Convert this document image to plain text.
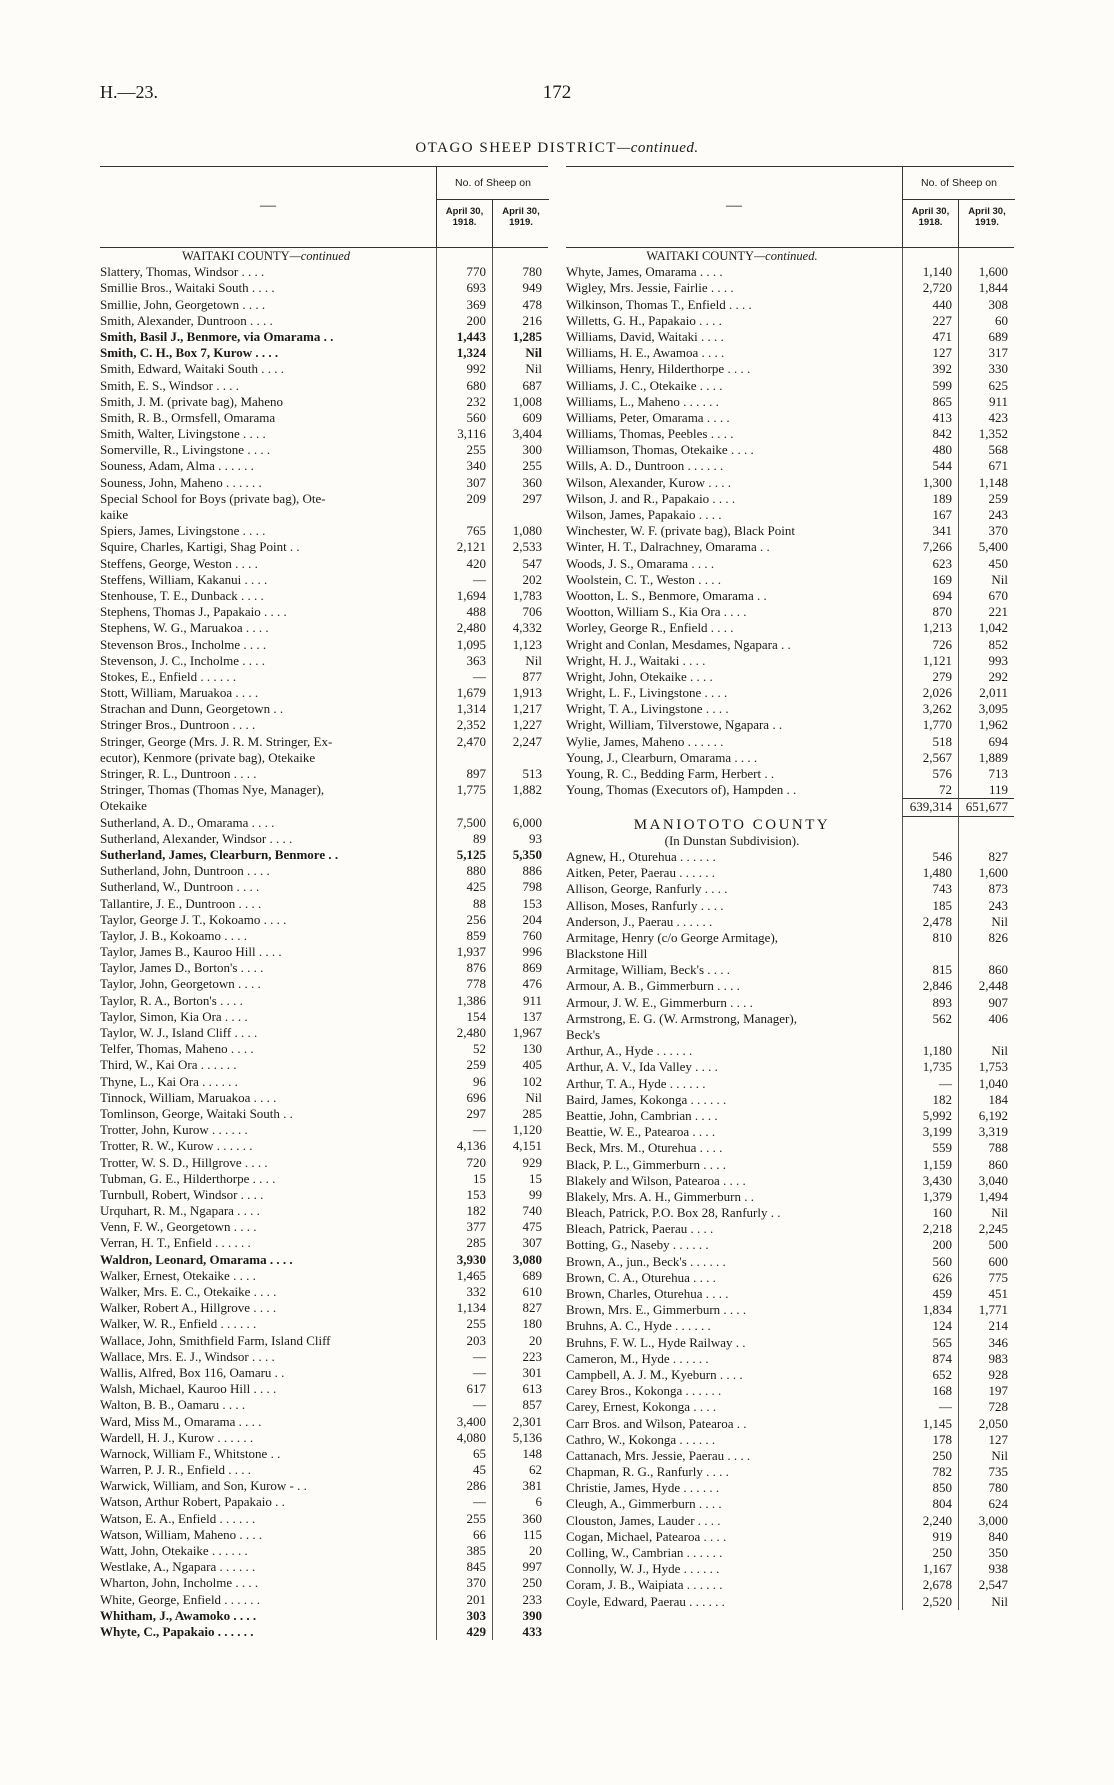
H.—23.	172
OTAGO SHEEP DISTRICT—continued.
—
No. of Sheep on
April 30, 1918.
April 30, 1919.
WAITAKI COUNTY—continued
Slattery, Thomas, Windsor . . . .	770	780
Smillie Bros., Waitaki South . . . .	693	949
Smillie, John, Georgetown . . . .	369	478
Smith, Alexander, Duntroon . . . .	200	216
Smith, Basil J., Benmore, via Omarama . .	1,443	1,285
Smith, C. H., Box 7, Kurow . . . .	1,324	Nil
Smith, Edward, Waitaki South . . . .	992	Nil
Smith, E. S., Windsor . . . .	680	687
Smith, J. M. (private bag), Maheno	232	1,008
Smith, R. B., Ormsfell, Omarama	560	609
Smith, Walter, Livingstone . . . .	3,116	3,404
Somerville, R., Livingstone . . . .	255	300
Souness, Adam, Alma . . . . . .	340	255
Souness, John, Maheno . . . . . .	307	360
Special School for Boys (private bag), Ote-	209	297
kaike
Spiers, James, Livingstone . . . .	765	1,080
Squire, Charles, Kartigi, Shag Point . .	2,121	2,533
Steffens, George, Weston . . . .	420	547
Steffens, William, Kakanui . . . .	—	202
Stenhouse, T. E., Dunback . . . .	1,694	1,783
Stephens, Thomas J., Papakaio . . . .	488	706
Stephens, W. G., Maruakoa . . . .	2,480	4,332
Stevenson Bros., Incholme . . . .	1,095	1,123
Stevenson, J. C., Incholme . . . .	363	Nil
Stokes, E., Enfield . . . . . .	—	877
Stott, William, Maruakoa . . . .	1,679	1,913
Strachan and Dunn, Georgetown . .	1,314	1,217
Stringer Bros., Duntroon . . . .	2,352	1,227
Stringer, George (Mrs. J. R. M. Stringer, Ex-	2,470	2,247
ecutor), Kenmore (private bag), Otekaike
Stringer, R. L., Duntroon . . . .	897	513
Stringer, Thomas (Thomas Nye, Manager),	1,775	1,882
Otekaike
Sutherland, A. D., Omarama . . . .	7,500	6,000
Sutherland, Alexander, Windsor . . . .	89	93
Sutherland, James, Clearburn, Benmore . .	5,125	5,350
Sutherland, John, Duntroon . . . .	880	886
Sutherland, W., Duntroon . . . .	425	798
Tallantire, J. E., Duntroon . . . .	88	153
Taylor, George J. T., Kokoamo . . . .	256	204
Taylor, J. B., Kokoamo . . . .	859	760
Taylor, James B., Kauroo Hill . . . .	1,937	996
Taylor, James D., Borton's . . . .	876	869
Taylor, John, Georgetown . . . .	778	476
Taylor, R. A., Borton's . . . .	1,386	911
Taylor, Simon, Kia Ora . . . .	154	137
Taylor, W. J., Island Cliff . . . .	2,480	1,967
Telfer, Thomas, Maheno . . . .	52	130
Third, W., Kai Ora . . . . . .	259	405
Thyne, L., Kai Ora . . . . . .	96	102
Tinnock, William, Maruakoa . . . .	696	Nil
Tomlinson, George, Waitaki South . .	297	285
Trotter, John, Kurow . . . . . .	—	1,120
Trotter, R. W., Kurow . . . . . .	4,136	4,151
Trotter, W. S. D., Hillgrove . . . .	720	929
Tubman, G. E., Hilderthorpe . . . .	15	15
Turnbull, Robert, Windsor . . . .	153	99
Urquhart, R. M., Ngapara . . . .	182	740
Venn, F. W., Georgetown . . . .	377	475
Verran, H. T., Enfield . . . . . .	285	307
Waldron, Leonard, Omarama . . . .	3,930	3,080
Walker, Ernest, Otekaike . . . .	1,465	689
Walker, Mrs. E. C., Otekaike . . . .	332	610
Walker, Robert A., Hillgrove . . . .	1,134	827
Walker, W. R., Enfield . . . . . .	255	180
Wallace, John, Smithfield Farm, Island Cliff	203	20
Wallace, Mrs. E. J., Windsor . . . .	—	223
Wallis, Alfred, Box 116, Oamaru . .	—	301
Walsh, Michael, Kauroo Hill . . . .	617	613
Walton, B. B., Oamaru . . . .	—	857
Ward, Miss M., Omarama . . . .	3,400	2,301
Wardell, H. J., Kurow . . . . . .	4,080	5,136
Warnock, William F., Whitstone . .	65	148
Warren, P. J. R., Enfield . . . .	45	62
Warwick, William, and Son, Kurow - . .	286	381
Watson, Arthur Robert, Papakaio . .	—	6
Watson, E. A., Enfield . . . . . .	255	360
Watson, William, Maheno . . . .	66	115
Watt, John, Otekaike . . . . . .	385	20
Westlake, A., Ngapara . . . . . .	845	997
Wharton, John, Incholme . . . .	370	250
White, George, Enfield . . . . . .	201	233
Whitham, J., Awamoko . . . .	303	390
Whyte, C., Papakaio . . . . . .	429	433
—
No. of Sheep on
April 30, 1918.
April 30, 1919.
WAITAKI COUNTY—continued.
Whyte, James, Omarama . . . .	1,140	1,600
Wigley, Mrs. Jessie, Fairlie . . . .	2,720	1,844
Wilkinson, Thomas T., Enfield . . . .	440	308
Willetts, G. H., Papakaio . . . .	227	60
Williams, David, Waitaki . . . .	471	689
Williams, H. E., Awamoa . . . .	127	317
Williams, Henry, Hilderthorpe . . . .	392	330
Williams, J. C., Otekaike . . . .	599	625
Williams, L., Maheno . . . . . .	865	911
Williams, Peter, Omarama . . . .	413	423
Williams, Thomas, Peebles . . . .	842	1,352
Williamson, Thomas, Otekaike . . . .	480	568
Wills, A. D., Duntroon . . . . . .	544	671
Wilson, Alexander, Kurow . . . .	1,300	1,148
Wilson, J. and R., Papakaio . . . .	189	259
Wilson, James, Papakaio . . . .	167	243
Winchester, W. F. (private bag), Black Point	341	370
Winter, H. T., Dalrachney, Omarama . .	7,266	5,400
Woods, J. S., Omarama . . . .	623	450
Woolstein, C. T., Weston . . . .	169	Nil
Wootton, L. S., Benmore, Omarama . .	694	670
Wootton, William S., Kia Ora . . . .	870	221
Worley, George R., Enfield . . . .	1,213	1,042
Wright and Conlan, Mesdames, Ngapara . .	726	852
Wright, H. J., Waitaki . . . .	1,121	993
Wright, John, Otekaike . . . .	279	292
Wright, L. F., Livingstone . . . .	2,026	2,011
Wright, T. A., Livingstone . . . .	3,262	3,095
Wright, William, Tilverstowe, Ngapara . .	1,770	1,962
Wylie, James, Maheno . . . . . .	518	694
Young, J., Clearburn, Omarama . . . .	2,567	1,889
Young, R. C., Bedding Farm, Herbert . .	576	713
Young, Thomas (Executors of), Hampden . .	72	119
639,314	651,677
MANIOTOTO COUNTY
(In Dunstan Subdivision).
Agnew, H., Oturehua . . . . . .	546	827
Aitken, Peter, Paerau . . . . . .	1,480	1,600
Allison, George, Ranfurly . . . .	743	873
Allison, Moses, Ranfurly . . . .	185	243
Anderson, J., Paerau . . . . . .	2,478	Nil
Armitage, Henry (c/o George Armitage),	810	826
Blackstone Hill
Armitage, William, Beck's . . . .	815	860
Armour, A. B., Gimmerburn . . . .	2,846	2,448
Armour, J. W. E., Gimmerburn . . . .	893	907
Armstrong, E. G. (W. Armstrong, Manager),	562	406
Beck's
Arthur, A., Hyde . . . . . .	1,180	Nil
Arthur, A. V., Ida Valley . . . .	1,735	1,753
Arthur, T. A., Hyde . . . . . .	—	1,040
Baird, James, Kokonga . . . . . .	182	184
Beattie, John, Cambrian . . . .	5,992	6,192
Beattie, W. E., Patearoa . . . .	3,199	3,319
Beck, Mrs. M., Oturehua . . . .	559	788
Black, P. L., Gimmerburn . . . .	1,159	860
Blakely and Wilson, Patearoa . . . .	3,430	3,040
Blakely, Mrs. A. H., Gimmerburn . .	1,379	1,494
Bleach, Patrick, P.O. Box 28, Ranfurly . .	160	Nil
Bleach, Patrick, Paerau . . . .	2,218	2,245
Botting, G., Naseby . . . . . .	200	500
Brown, A., jun., Beck's . . . . . .	560	600
Brown, C. A., Oturehua . . . .	626	775
Brown, Charles, Oturehua . . . .	459	451
Brown, Mrs. E., Gimmerburn . . . .	1,834	1,771
Bruhns, A. C., Hyde . . . . . .	124	214
Bruhns, F. W. L., Hyde Railway . .	565	346
Cameron, M., Hyde . . . . . .	874	983
Campbell, A. J. M., Kyeburn . . . .	652	928
Carey Bros., Kokonga . . . . . .	168	197
Carey, Ernest, Kokonga . . . .	—	728
Carr Bros. and Wilson, Patearoa . .	1,145	2,050
Cathro, W., Kokonga . . . . . .	178	127
Cattanach, Mrs. Jessie, Paerau . . . .	250	Nil
Chapman, R. G., Ranfurly . . . .	782	735
Christie, James, Hyde . . . . . .	850	780
Cleugh, A., Gimmerburn . . . .	804	624
Clouston, James, Lauder . . . .	2,240	3,000
Cogan, Michael, Patearoa . . . .	919	840
Colling, W., Cambrian . . . . . .	250	350
Connolly, W. J., Hyde . . . . . .	1,167	938
Coram, J. B., Waipiata . . . . . .	2,678	2,547
Coyle, Edward, Paerau . . . . . .	2,520	Nil
